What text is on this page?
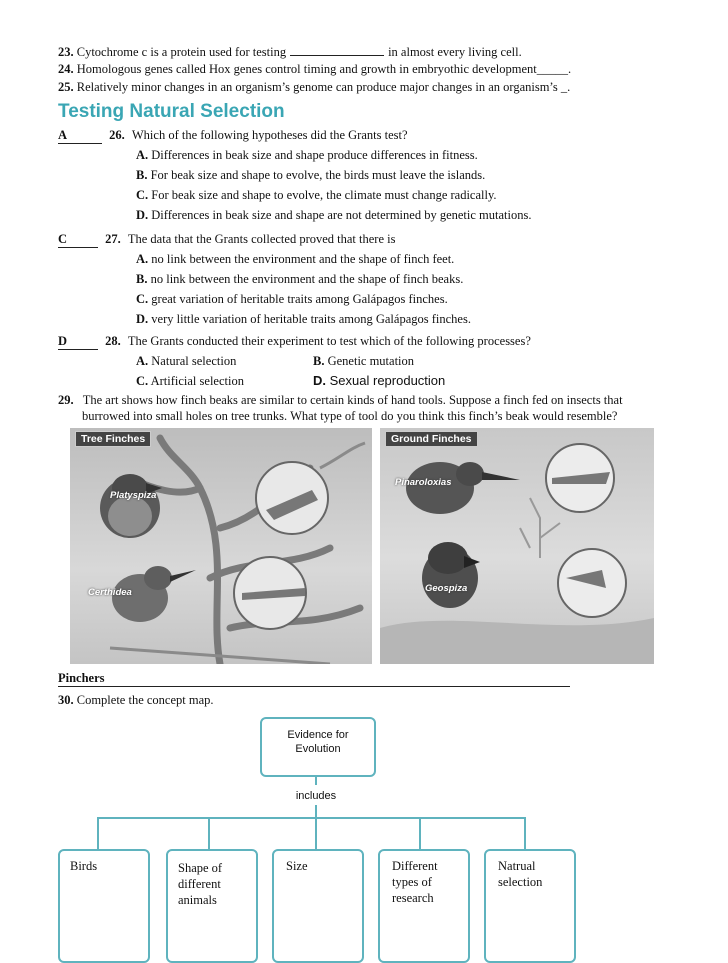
23. Cytochrome c is a protein used for testing	in almost every living cell.
24. Homologous genes called Hox genes control timing and growth in embryothic development_____.
25. Relatively minor changes in an organism’s genome can produce major changes in an organism’s _.
Testing Natural Selection
A	26. Which of the following hypotheses did the Grants test?
A. Differences in beak size and shape produce differences in fitness.
B. For beak size and shape to evolve, the birds must leave the islands.
C. For beak size and shape to evolve, the climate must change radically.
D. Differences in beak size and shape are not determined by genetic mutations.
C	27. The data that the Grants collected proved that there is
A. no link between the environment and the shape of finch feet.
B. no link between the environment and the shape of finch beaks.
C. great variation of heritable traits among Galápagos finches.
D. very little variation of heritable traits among Galápagos finches.
D	28. The Grants conducted their experiment to test which of the following processes?
A. Natural selection	B. Genetic mutation
C. Artificial selection	D. Sexual reproduction
29. The art shows how finch beaks are similar to certain kinds of hand tools. Suppose a finch fed on insects that
burrowed into small holes on tree trunks. What type of tool do you think this finch’s beak would resemble?
Tree Finches
Platyspiza
Certhidea
Ground Finches
Pinaroloxias
Geospiza
Pinchers
30. Complete the concept map.
Evidence for
Evolution
includes
Birds	Shape of different animals
Size	Different types of research
Natrual selection
